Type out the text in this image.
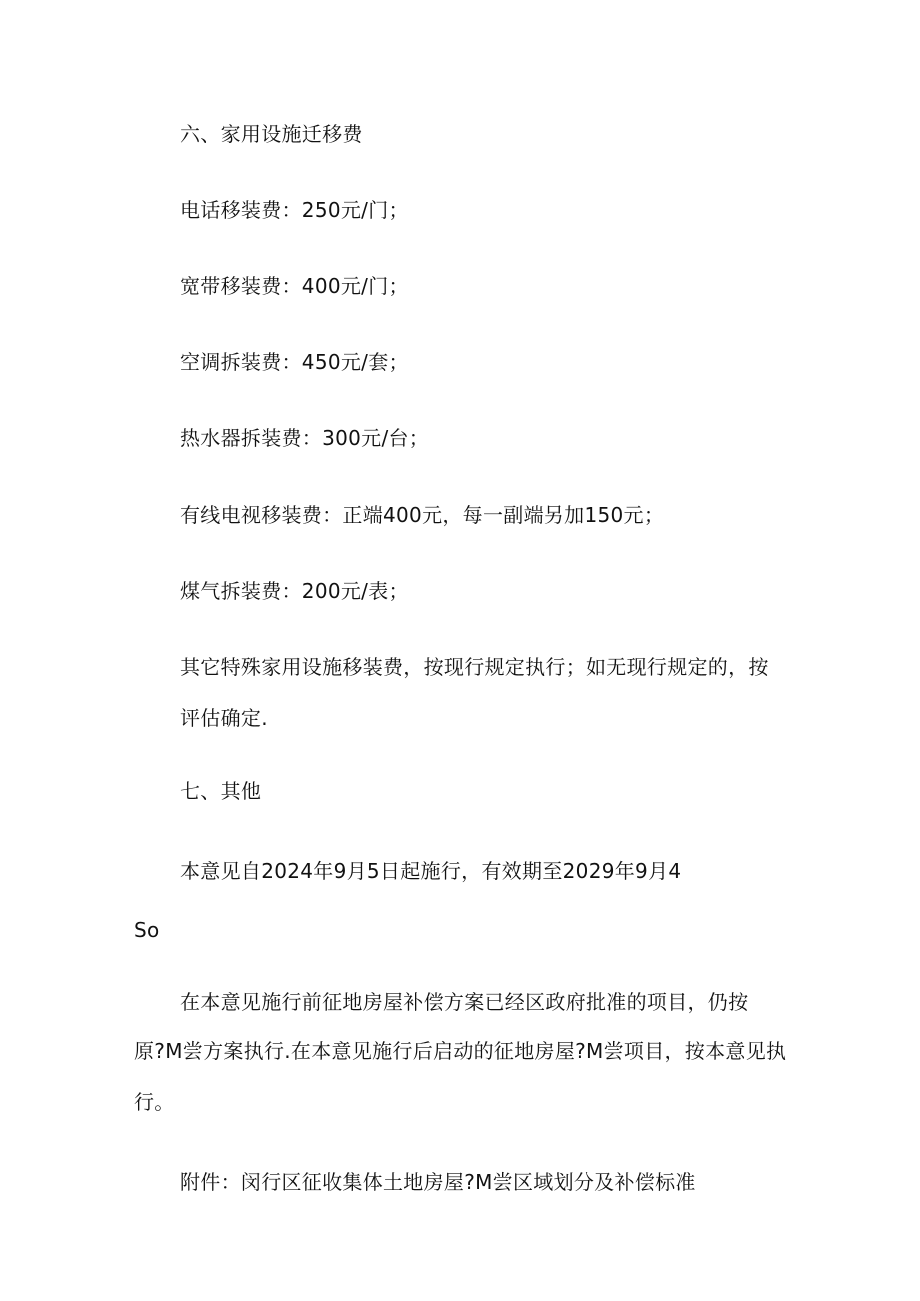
六、家用设施迁移费
电话移装费：250元/门；
宽带移装费：400元/门；
空调拆装费：450元/套；
热水器拆装费：300元/台；
有线电视移装费：正端400元，每一副端另加150元；
煤气拆装费：200元/表；
其它特殊家用设施移装费，按现行规定执行；如无现行规定的，按
评估确定.
七、其他
本意见自2024年9月5日起施行，有效期至2029年9月4
So
在本意见施行前征地房屋补偿方案已经区政府批准的项目，仍按
原?M尝方案执行.在本意见施行后启动的征地房屋?M尝项目，按本意见执
行。
附件：闵行区征收集体土地房屋?M尝区域划分及补偿标准
